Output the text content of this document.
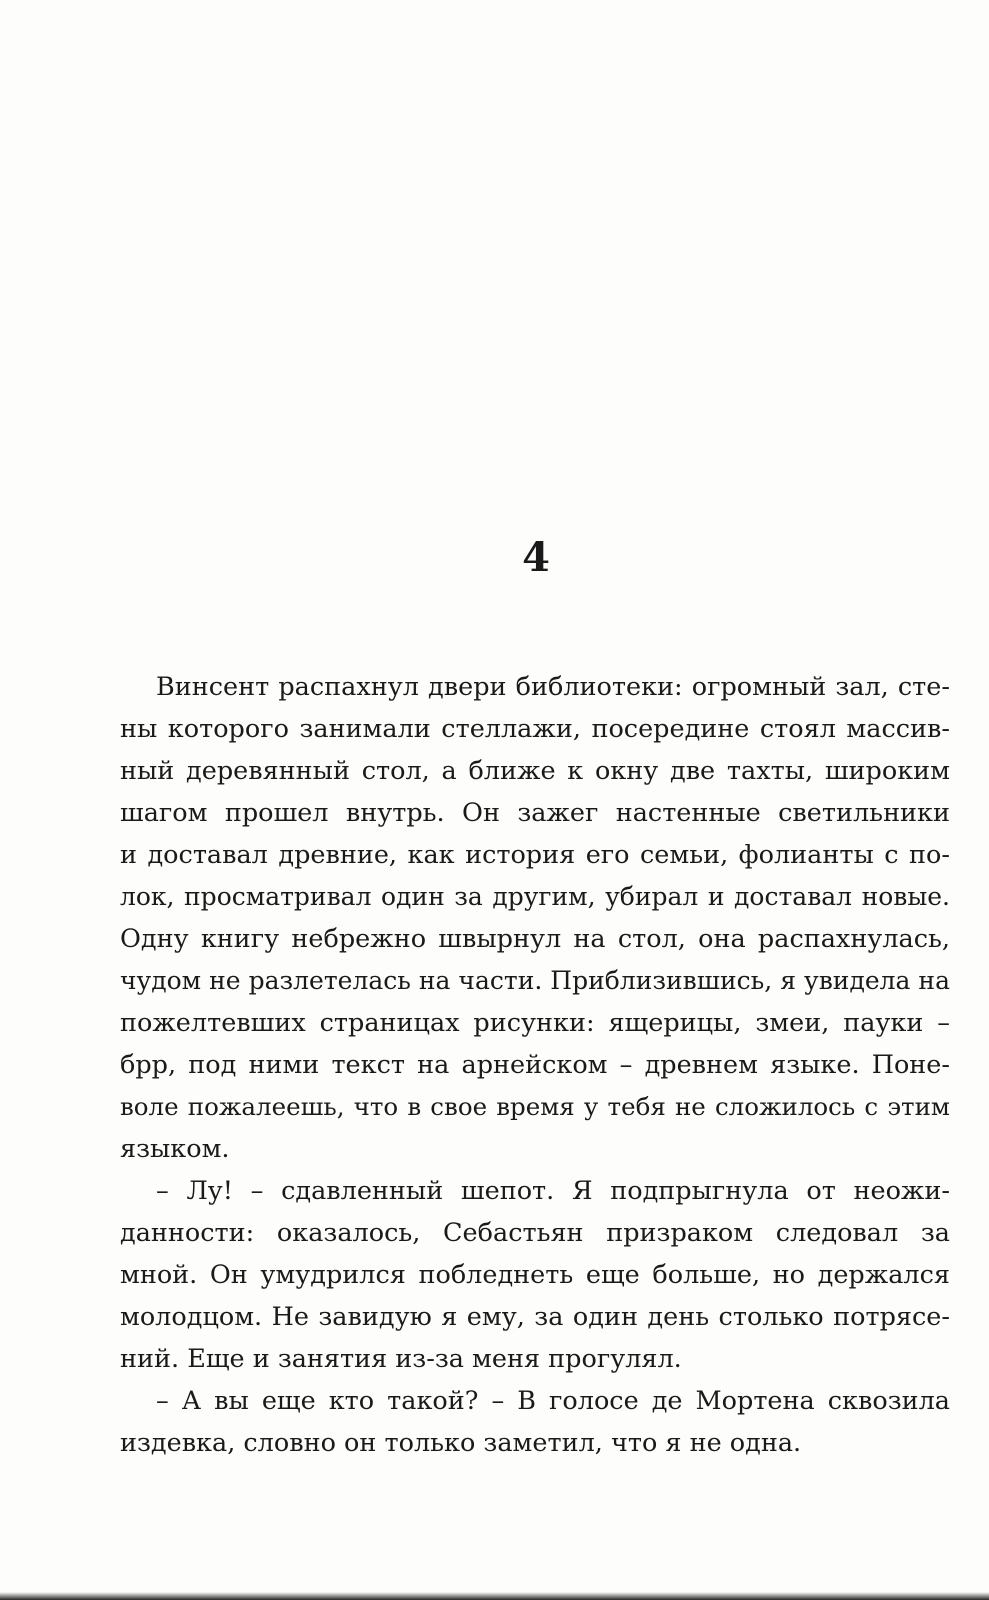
4
Винсент распахнул двери библиотеки: огромный зал, сте-
ны которого занимали стеллажи, посередине стоял массив-
ный деревянный стол, а ближе к окну две тахты, широким
шагом прошел внутрь. Он зажег настенные светильники
и доставал древние, как история его семьи, фолианты с по-
лок, просматривал один за другим, убирал и доставал новые.
Одну книгу небрежно швырнул на стол, она распахнулась,
чудом не разлетелась на части. Приблизившись, я увидела на
пожелтевших страницах рисунки: ящерицы, змеи, пауки –
брр, под ними текст на арнейском – древнем языке. Поне-
воле пожалеешь, что в свое время у тебя не сложилось с этим
языком.
– Лу! – сдавленный шепот. Я подпрыгнула от неожи-
данности: оказалось, Себастьян призраком следовал за
мной. Он умудрился побледнеть еще больше, но держался
молодцом. Не завидую я ему, за один день столько потрясе-
ний. Еще и занятия из-за меня прогулял.
– А вы еще кто такой? – В голосе де Мортена сквозила
издевка, словно он только заметил, что я не одна.
